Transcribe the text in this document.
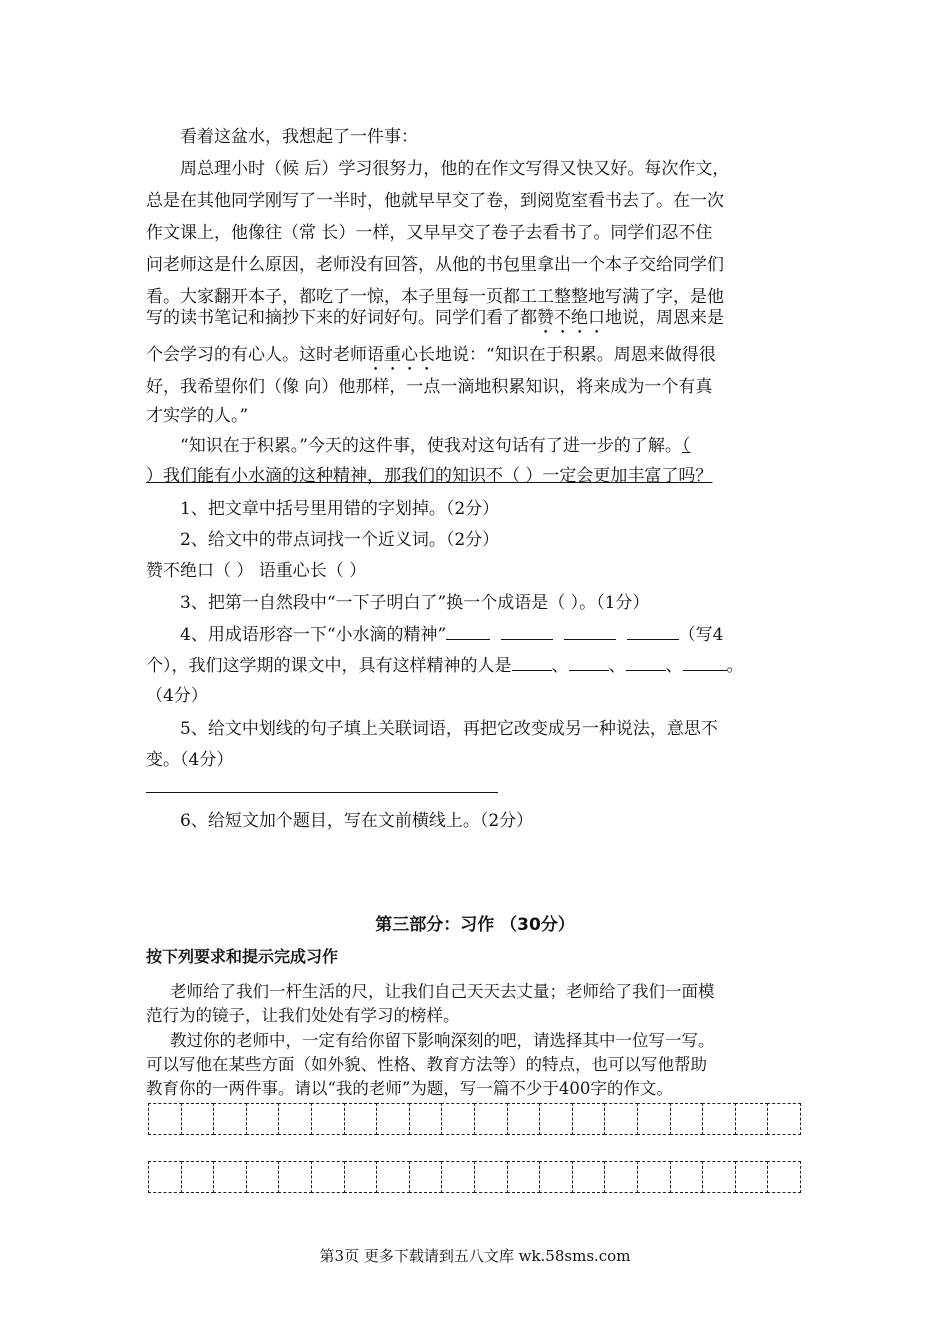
看着这盆水，我想起了一件事：
周总理小时（候 后）学习很努力，他的在作文写得又快又好。每次作文，
总是在其他同学刚写了一半时，他就早早交了卷，到阅览室看书去了。在一次
作文课上，他像往（常 长）一样，又早早交了卷子去看书了。同学们忍不住
问老师这是什么原因，老师没有回答，从他的书包里拿出一个本子交给同学们
看。大家翻开本子，都吃了一惊，本子里每一页都工工整整地写满了字，是他
写的读书笔记和摘抄下来的好词好句。同学们看了都赞不绝口地说，周恩来是
个会学习的有心人。这时老师语重心长地说：“知识在于积累。周恩来做得很
好，我希望你们（像 向）他那样，一点一滴地积累知识，将来成为一个有真
才实学的人。”
“知识在于积累。”今天的这件事，使我对这句话有了进一步的了解。（
）我们能有小水滴的这种精神，那我们的知识不（ ）一定会更加丰富了吗？
1、把文章中括号里用错的字划掉。（2分）
2、给文中的带点词找一个近义词。（2分）
赞不绝口（ ） 语重心长（ ）
3、把第一自然段中“一下子明白了”换一个成语是（ ）。（1分）
4、用成语形容一下“小水滴的精神”	（写4
个），我们这学期的课文中，具有这样精神的人是 、 、 、	。
（4分）
5、给文中划线的句子填上关联词语，再把它改变成另一种说法，意思不
变。（4分）
6、给短文加个题目，写在文前横线上。（2分）
第三部分：习作 （30分）
按下列要求和提示完成习作
老师给了我们一杆生活的尺，让我们自己天天去丈量；老师给了我们一面模
范行为的镜子，让我们处处有学习的榜样。
教过你的老师中，一定有给你留下影响深刻的吧，请选择其中一位写一写。
可以写他在某些方面（如外貌、性格、教育方法等）的特点，也可以写他帮助
教育你的一两件事。请以“我的老师”为题，写一篇不少于400字的作文。
第3页 更多下载请到五八文库 wk.58sms.com
